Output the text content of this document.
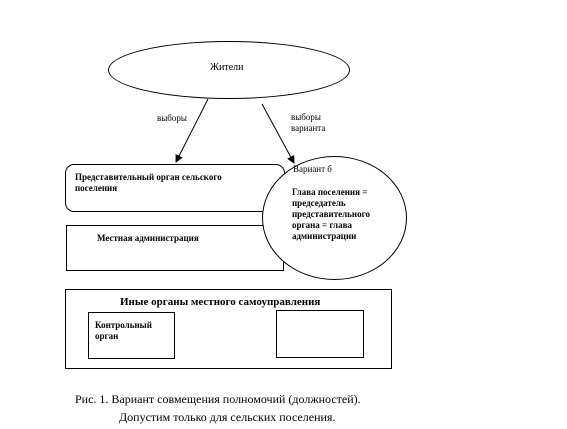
Жители
выборы	выборы
варианта
Представительный орган сельского поселения
Местная администрация
Вариант б
Глава поселения = председатель представительного органа = глава администрации
Иные органы местного самоуправления
Контрольный орган
Рис. 1. Вариант совмещения полномочий (должностей).
Допустим только для сельских поселения.
